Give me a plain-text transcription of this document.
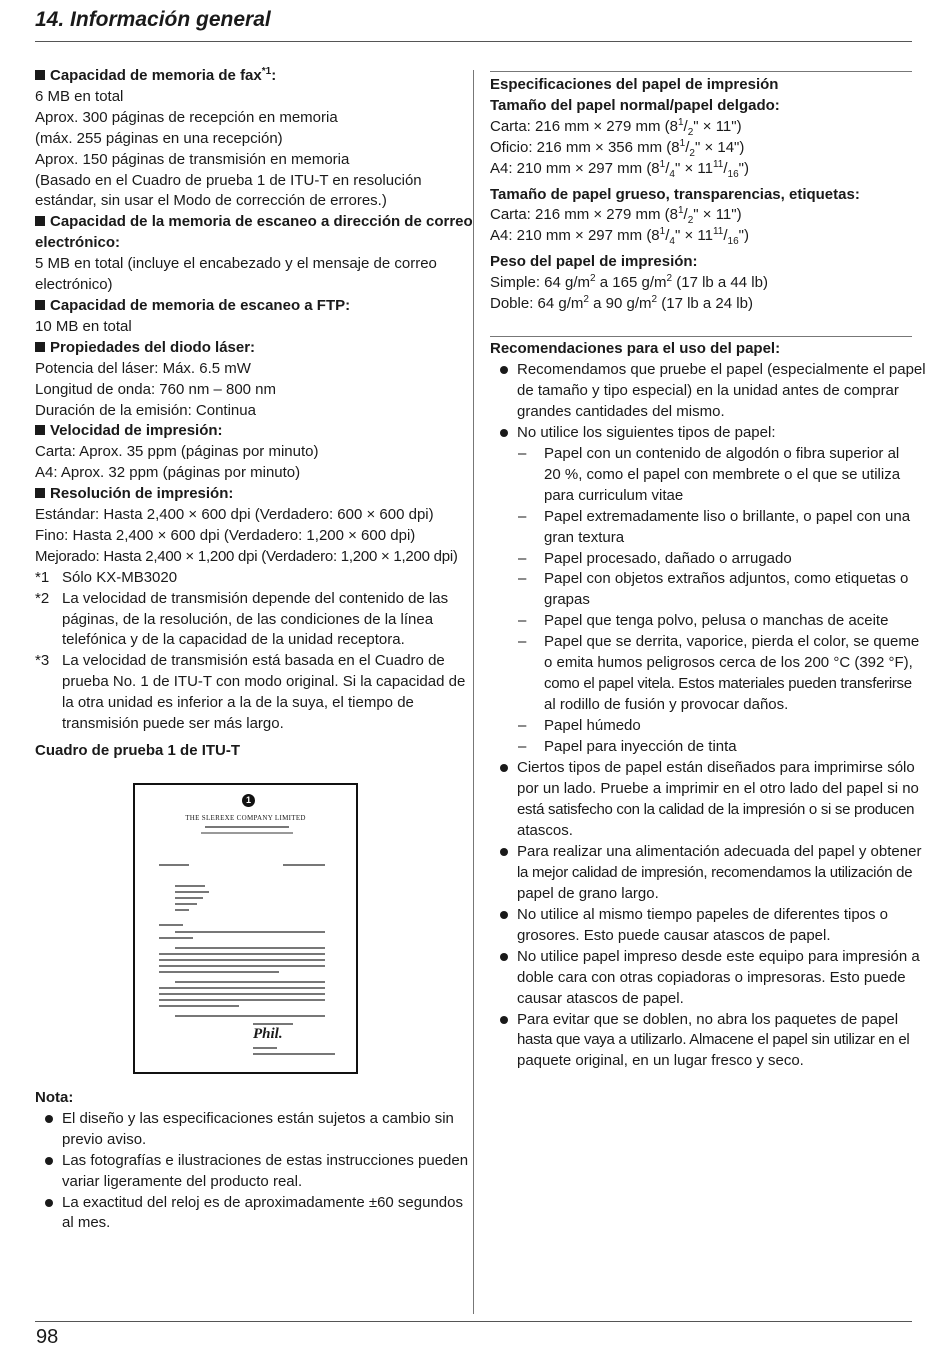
14. Información general
Capacidad de memoria de fax$^{*1}$:
6 MB en total
Aprox. 300 páginas de recepción en memoria
(máx. 255 páginas en una recepción)
Aprox. 150 páginas de transmisión en memoria
(Basado en el Cuadro de prueba 1 de ITU-T en resolución
estándar, sin usar el Modo de corrección de errores.)
Capacidad de la memoria de escaneo a dirección de correo
electrónico:
5 MB en total (incluye el encabezado y el mensaje de correo
electrónico)
Capacidad de memoria de escaneo a FTP:
10 MB en total
Propiedades del diodo láser:
Potencia del láser: Máx. 6.5 mW
Longitud de onda: 760 nm – 800 nm
Duración de la emisión: Continua
Velocidad de impresión:
Carta: Aprox. 35 ppm (páginas por minuto)
A4: Aprox. 32 ppm (páginas por minuto)
Resolución de impresión:
Estándar: Hasta 2,400 × 600 dpi (Verdadero: 600 × 600 dpi)
Fino: Hasta 2,400 × 600 dpi (Verdadero: 1,200 × 600 dpi)
Mejorado: Hasta 2,400 × 1,200 dpi (Verdadero: 1,200 × 1,200 dpi)
*1 Sólo KX-MB3020
*2 La velocidad de transmisión depende del contenido de las
páginas, de la resolución, de las condiciones de la línea
telefónica y de la capacidad de la unidad receptora.
*3 La velocidad de transmisión está basada en el Cuadro de
prueba No. 1 de ITU-T con modo original. Si la capacidad de
la otra unidad es inferior a la de la suya, el tiempo de
transmisión puede ser más largo.
Cuadro de prueba 1 de ITU-T
1
THE SLEREXE COMPANY LIMITED
Phil.
Nota:
El diseño y las especificaciones están sujetos a cambio sin
previo aviso.
Las fotografías e ilustraciones de estas instrucciones pueden
variar ligeramente del producto real.
La exactitud del reloj es de aproximadamente ±60 segundos
al mes.
Especificaciones del papel de impresión
Tamaño del papel normal/papel delgado:
Carta: 216 mm × 279 mm ($8^1/_2$" × 11")
Oficio: 216 mm × 356 mm ($8^1/_2$" × 14")
A4: 210 mm × 297 mm ($8^1/_4$" × $11^{11}/_{16}$")
Tamaño de papel grueso, transparencias, etiquetas:
Carta: 216 mm × 279 mm ($8^1/_2$" × 11")
A4: 210 mm × 297 mm ($8^1/_4$" × $11^{11}/_{16}$")
Peso del papel de impresión:
Simple: 64 $g/m^2$ a 165 $g/m^2$ (17 lb a 44 lb)
Doble: 64 $g/m^2$ a 90 $g/m^2$ (17 lb a 24 lb)
Recomendaciones para el uso del papel:
Recomendamos que pruebe el papel (especialmente el papel
de tamaño y tipo especial) en la unidad antes de comprar
grandes cantidades del mismo.
No utilice los siguientes tipos de papel:
– Papel con un contenido de algodón o fibra superior al
20 %, como el papel con membrete o el que se utiliza
para curriculum vitae
– Papel extremadamente liso o brillante, o papel con una
gran textura
– Papel procesado, dañado o arrugado
– Papel con objetos extraños adjuntos, como etiquetas o
grapas
– Papel que tenga polvo, pelusa o manchas de aceite
– Papel que se derrita, vaporice, pierda el color, se queme
o emita humos peligrosos cerca de los 200 °C (392 °F),
como el papel vitela. Estos materiales pueden transferirse
al rodillo de fusión y provocar daños.
– Papel húmedo
– Papel para inyección de tinta
Ciertos tipos de papel están diseñados para imprimirse sólo
por un lado. Pruebe a imprimir en el otro lado del papel si no
está satisfecho con la calidad de la impresión o si se producen
atascos.
Para realizar una alimentación adecuada del papel y obtener
la mejor calidad de impresión, recomendamos la utilización de
papel de grano largo.
No utilice al mismo tiempo papeles de diferentes tipos o
grosores. Esto puede causar atascos de papel.
No utilice papel impreso desde este equipo para impresión a
doble cara con otras copiadoras o impresoras. Esto puede
causar atascos de papel.
Para evitar que se doblen, no abra los paquetes de papel
hasta que vaya a utilizarlo. Almacene el papel sin utilizar en el
paquete original, en un lugar fresco y seco.
98
